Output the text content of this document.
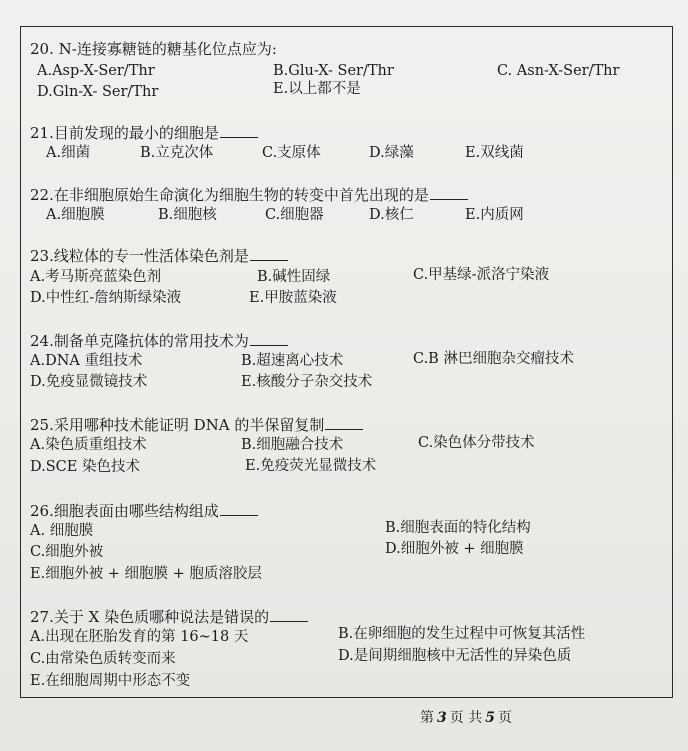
20. N-连接寡糖链的糖基化位点应为:
A.Asp-X-Ser/Thr	B.Glu-X- Ser/Thr	C. Asn-X-Ser/Thr
D.Gln-X- Ser/Thr	E.以上都不是
21.目前发现的最小的细胞是
A.细菌	B.立克次体	C.支原体	D.绿藻	E.双线菌
22.在非细胞原始生命演化为细胞生物的转变中首先出现的是
A.细胞膜	B.细胞核	C.细胞器	D.核仁	E.内质网
23.线粒体的专一性活体染色剂是
A.考马斯亮蓝染色剂	B.碱性固绿	C.甲基绿-派洛宁染液
D.中性红-詹纳斯绿染液	E.甲胺蓝染液
24.制备单克隆抗体的常用技术为
A.DNA 重组技术	B.超速离心技术	C.B 淋巴细胞杂交瘤技术
D.免疫显微镜技术	E.核酸分子杂交技术
25.采用哪种技术能证明 DNA 的半保留复制
A.染色质重组技术	B.细胞融合技术	C.染色体分带技术
D.SCE 染色技术	E.免疫荧光显微技术
26.细胞表面由哪些结构组成
A. 细胞膜	B.细胞表面的特化结构
C.细胞外被	D.细胞外被 + 细胞膜
E.细胞外被 + 细胞膜 + 胞质溶胶层
27.关于 X 染色质哪种说法是错误的
A.出现在胚胎发育的第 16~18 天	B.在卵细胞的发生过程中可恢复其活性
C.由常染色质转变而来	D.是间期细胞核中无活性的异染色质
E.在细胞周期中形态不变
第 3 页 共 5 页
